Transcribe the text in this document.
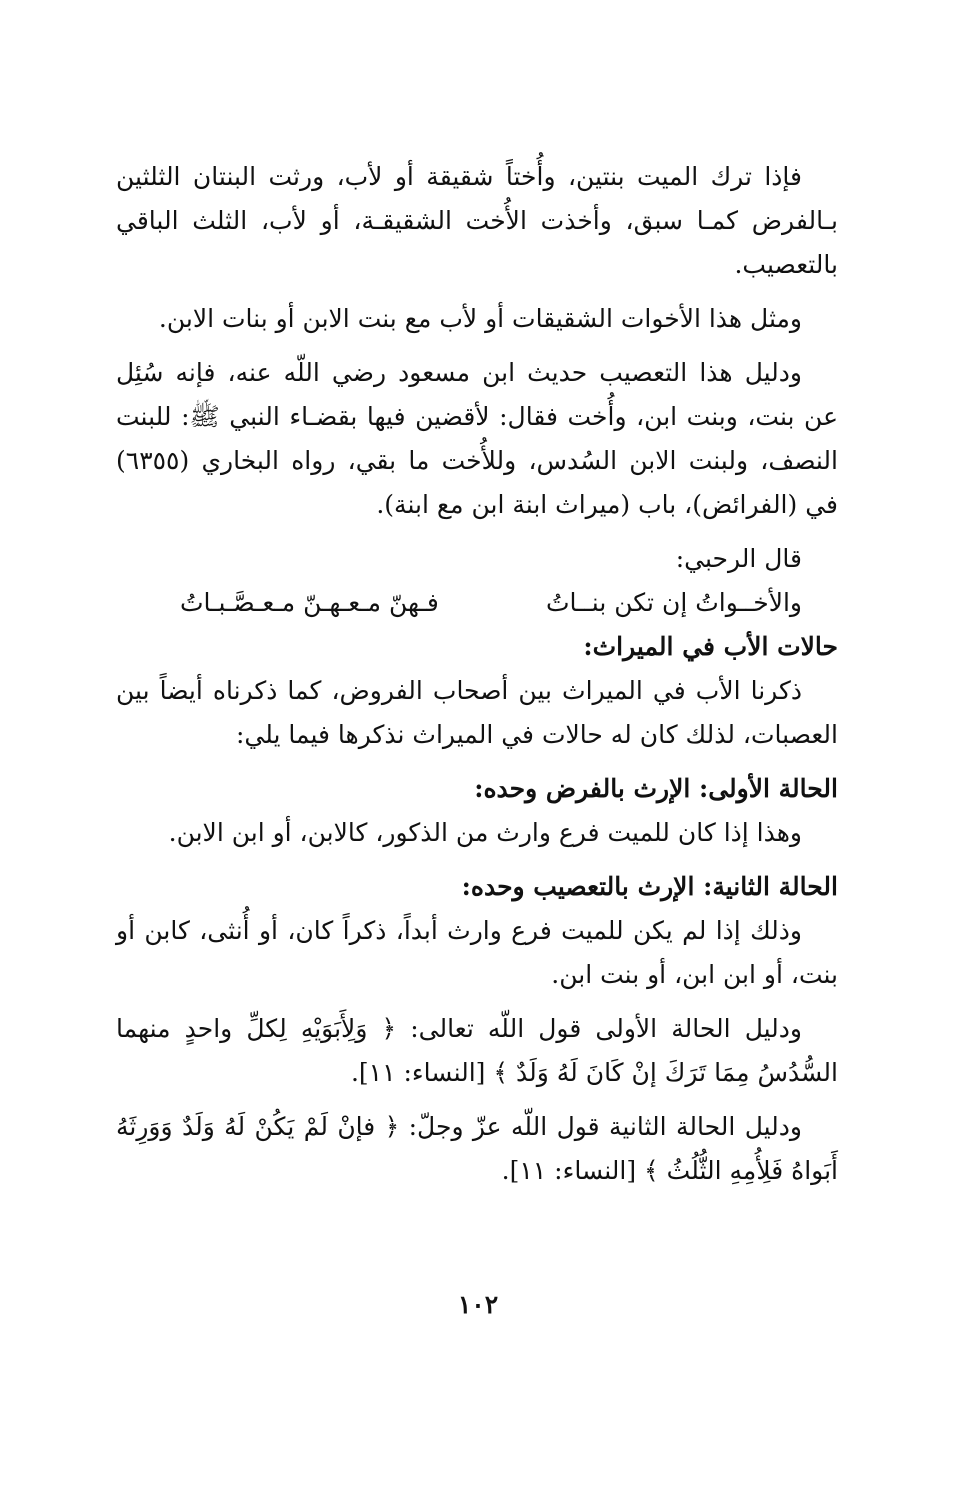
فإذا ترك الميت بنتين، وأُختاً شقيقة أو لأب، ورثت البنتان الثلثين بـالفرض كمـا سبق، وأخذت الأُخت الشقيقـة، أو لأب، الثلث الباقي بالتعصيب.

ومثل هذا الأخوات الشقيقات أو لأب مع بنت الابن أو بنات الابن.

ودليل هذا التعصيب حديث ابن مسعود رضي اللّه عنه، فإنه سُئِل عن بنت، وبنت ابن، وأُخت فقال: لأقضين فيها بقضـاء النبي ﷺ: للبنت النصف، ولبنت الابن السُدس، وللأُخت ما بقي، رواه البخاري (٦٣٥٥) في (الفرائض)، باب (ميراث ابنة ابن مع ابنة).

قال الرحبي:

والأخــواتُ إن تكن بنــاتُ
فـهنّ مـعـهـنّ مـعـصَّـبـاتُ
حالات الأب في الميراث:

ذكرنا الأب في الميراث بين أصحاب الفروض، كما ذكرناه أيضاً بين العصبات، لذلك كان له حالات في الميراث نذكرها فيما يلي:

الحالة الأولى: الإرث بالفرض وحده:

وهذا إذا كان للميت فرع وارث من الذكور، كالابن، أو ابن الابن.

الحالة الثانية: الإرث بالتعصيب وحده:

وذلك إذا لم يكن للميت فرع وارث أبداً، ذكراً كان، أو أُنثى، كابن أو بنت، أو ابن ابن، أو بنت ابن.

ودليل الحالة الأولى قول اللّه تعالى: ﴿ وَلِأَبَوَيْهِ لِكلِّ واحدٍ منهما السُّدُسُ مِمَا تَرَكَ إنْ كَانَ لَهُ وَلَدٌ ﴾ [النساء: ١١].

ودليل الحالة الثانية قول اللّه عزّ وجلّ: ﴿ فإنْ لَمْ يَكُنْ لَهُ وَلَدٌ وَوَرِثَهُ أَبَواهُ فَلِأُمِهِ الثُّلُثُ ﴾ [النساء: ١١].

١٠٢
